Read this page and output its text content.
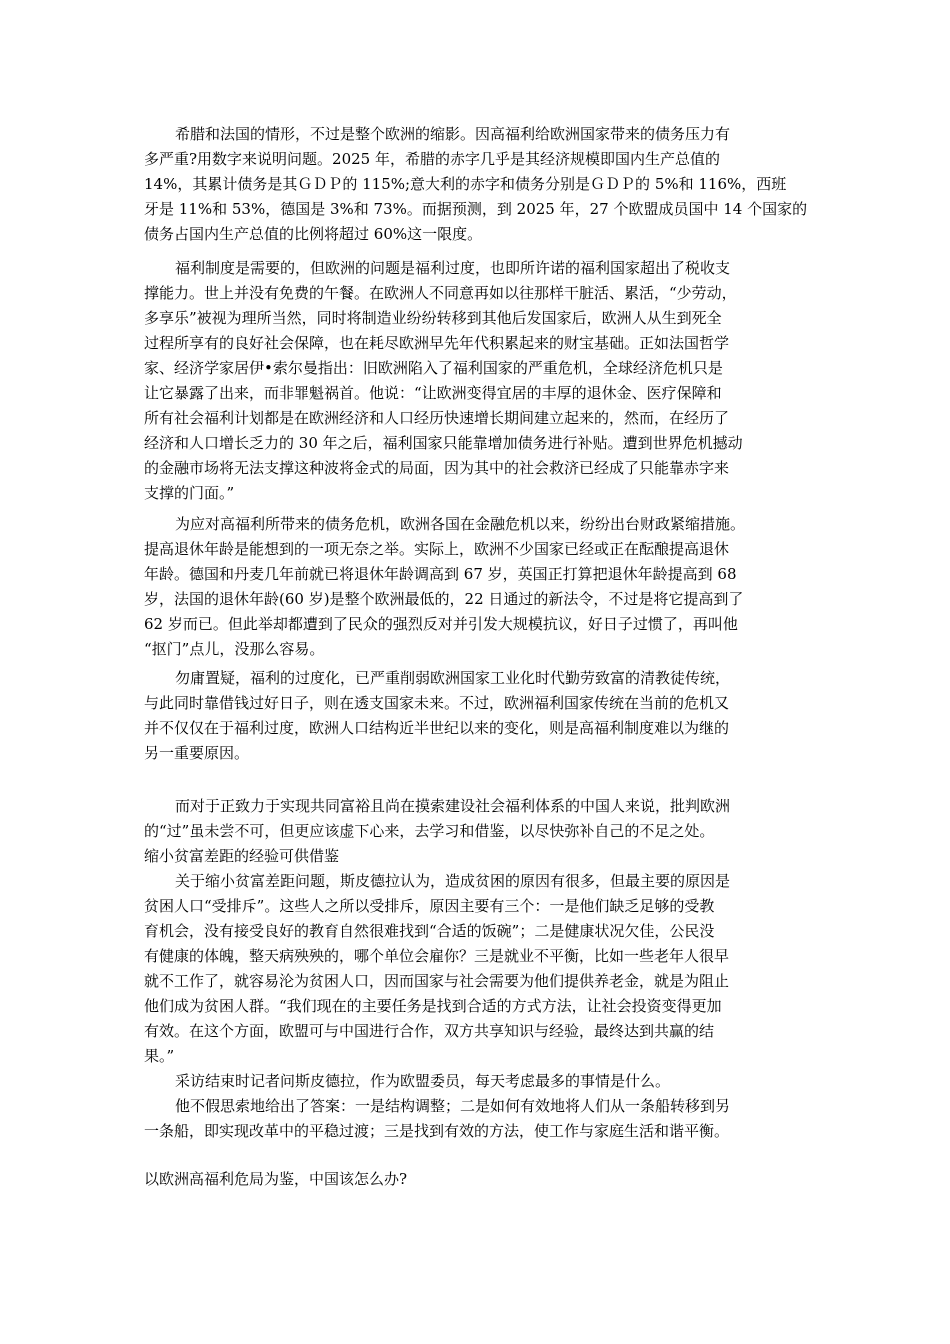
希腊和法国的情形，不过是整个欧洲的缩影。因高福利给欧洲国家带来的债务压力有
多严重?用数字来说明问题。2025 年，希腊的赤字几乎是其经济规模即国内生产总值的
14%，其累计债务是其ＧＤＰ的 115%;意大利的赤字和债务分别是ＧＤＰ的 5%和 116%，西班
牙是 11%和 53%，德国是 3%和 73%。而据预测，到 2025 年，27 个欧盟成员国中 14 个国家的
债务占国内生产总值的比例将超过 60%这一限度。
福利制度是需要的，但欧洲的问题是福利过度，也即所许诺的福利国家超出了税收支
撑能力。世上并没有免费的午餐。在欧洲人不同意再如以往那样干脏活、累活，“少劳动，
多享乐”被视为理所当然，同时将制造业纷纷转移到其他后发国家后，欧洲人从生到死全
过程所享有的良好社会保障，也在耗尽欧洲早先年代积累起来的财宝基础。正如法国哲学
家、经济学家居伊•索尔曼指出：旧欧洲陷入了福利国家的严重危机，全球经济危机只是
让它暴露了出来，而非罪魁祸首。他说：“让欧洲变得宜居的丰厚的退休金、医疗保障和
所有社会福利计划都是在欧洲经济和人口经历快速增长期间建立起来的，然而，在经历了
经济和人口增长乏力的 30 年之后，福利国家只能靠增加债务进行补贴。遭到世界危机撼动
的金融市场将无法支撑这种波将金式的局面，因为其中的社会救济已经成了只能靠赤字来
支撑的门面。”
为应对高福利所带来的债务危机，欧洲各国在金融危机以来，纷纷出台财政紧缩措施。
提高退休年龄是能想到的一项无奈之举。实际上，欧洲不少国家已经或正在酝酿提高退休
年龄。德国和丹麦几年前就已将退休年龄调高到 67 岁，英国正打算把退休年龄提高到 68
岁，法国的退休年龄(60 岁)是整个欧洲最低的，22 日通过的新法令，不过是将它提高到了
62 岁而已。但此举却都遭到了民众的强烈反对并引发大规模抗议，好日子过惯了，再叫他
“抠门”点儿，没那么容易。
勿庸置疑，福利的过度化，已严重削弱欧洲国家工业化时代勤劳致富的清教徒传统，
与此同时靠借钱过好日子，则在透支国家未来。不过，欧洲福利国家传统在当前的危机又
并不仅仅在于福利过度，欧洲人口结构近半世纪以来的变化，则是高福利制度难以为继的
另一重要原因。
而对于正致力于实现共同富裕且尚在摸索建设社会福利体系的中国人来说，批判欧洲
的“过”虽未尝不可，但更应该虚下心来，去学习和借鉴，以尽快弥补自己的不足之处。
缩小贫富差距的经验可供借鉴
关于缩小贫富差距问题，斯皮德拉认为，造成贫困的原因有很多，但最主要的原因是
贫困人口“受排斥”。这些人之所以受排斥，原因主要有三个：一是他们缺乏足够的受教
育机会，没有接受良好的教育自然很难找到“合适的饭碗”；二是健康状况欠佳，公民没
有健康的体魄，整天病殃殃的，哪个单位会雇你？三是就业不平衡，比如一些老年人很早
就不工作了，就容易沦为贫困人口，因而国家与社会需要为他们提供养老金，就是为阻止
他们成为贫困人群。“我们现在的主要任务是找到合适的方式方法，让社会投资变得更加
有效。在这个方面，欧盟可与中国进行合作，双方共享知识与经验，最终达到共赢的结
果。”
采访结束时记者问斯皮德拉，作为欧盟委员，每天考虑最多的事情是什么。
他不假思索地给出了答案：一是结构调整；二是如何有效地将人们从一条船转移到另
一条船，即实现改革中的平稳过渡；三是找到有效的方法，使工作与家庭生活和谐平衡。
以欧洲高福利危局为鉴，中国该怎么办?
